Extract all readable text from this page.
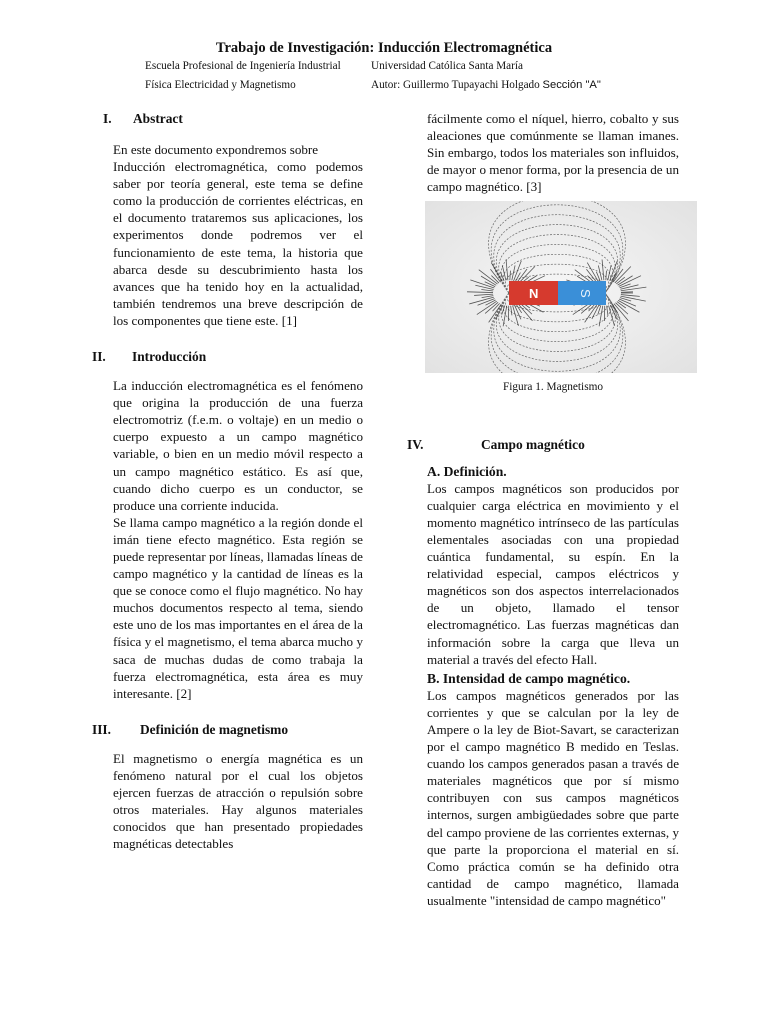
Trabajo de Investigación: Inducción Electromagnética
Escuela Profesional de Ingeniería Industrial	Universidad Católica Santa María
Física Electricidad y Magnetismo	Autor: Guillermo Tupayachi Holgado Sección "A"
I. Abstract

En este documento expondremos sobre

Inducción electromagnética, como podemos saber por teoría general, este tema se define como la producción de corrientes eléctricas, en el documento trataremos sus aplicaciones, los experimentos donde podremos ver el funcionamiento de este tema, la historia que abarca desde su descubrimiento hasta los avances que ha tenido hoy en la actualidad, también tendremos una breve descripción de los componentes que tiene este. [1]

II. Introducción

La inducción electromagnética es el fenómeno que origina la producción de una fuerza electromotriz (f.e.m. o voltaje) en un medio o cuerpo expuesto a un campo magnético variable, o bien en un medio móvil respecto a un campo magnético estático. Es así que, cuando dicho cuerpo es un conductor, se produce una corriente inducida.

Se llama campo magnético a la región donde el imán tiene efecto magnético. Esta región se puede representar por líneas, llamadas líneas de campo magnético y la cantidad de líneas es la que se conoce como el flujo magnético. No hay muchos documentos respecto al tema, siendo este uno de los mas importantes en el área de la física y el magnetismo, el tema abarca mucho y saca de muchas dudas de como trabaja la fuerza electromagnética, esta área es muy interesante. [2]

III. Definición de magnetismo

El magnetismo o energía magnética es un fenómeno natural por el cual los objetos ejercen fuerzas de atracción o repulsión sobre otros materiales. Hay algunos materiales conocidos que han presentado propiedades magnéticas detectables

fácilmente como el níquel, hierro, cobalto y sus aleaciones que comúnmente se llaman imanes. Sin embargo, todos los materiales son influidos, de mayor o menor forma, por la presencia de un campo magnético. [3]

N	S
Figura 1. Magnetismo
IV.	Campo magnético
A. Definición.

Los campos magnéticos son producidos por cualquier carga eléctrica en movimiento y el momento magnético intrínseco de las partículas elementales asociadas con una propiedad cuántica fundamental, su espín. En la relatividad especial, campos eléctricos y magnéticos son dos aspectos interrelacionados de un objeto, llamado el tensor electromagnético. Las fuerzas magnéticas dan información sobre la carga que lleva un material a través del efecto Hall.

B. Intensidad de campo magnético.

Los campos magnéticos generados por las corrientes y que se calculan por la ley de Ampere o la ley de Biot-Savart, se caracterizan por el campo magnético B medido en Teslas. cuando los campos generados pasan a través de materiales magnéticos que por sí mismo contribuyen con sus campos magnéticos internos, surgen ambigüedades sobre que parte del campo proviene de las corrientes externas, y que parte la proporciona el material en sí. Como práctica común se ha definido otra cantidad de campo magnético, llamada usualmente "intensidad de campo magnético"
